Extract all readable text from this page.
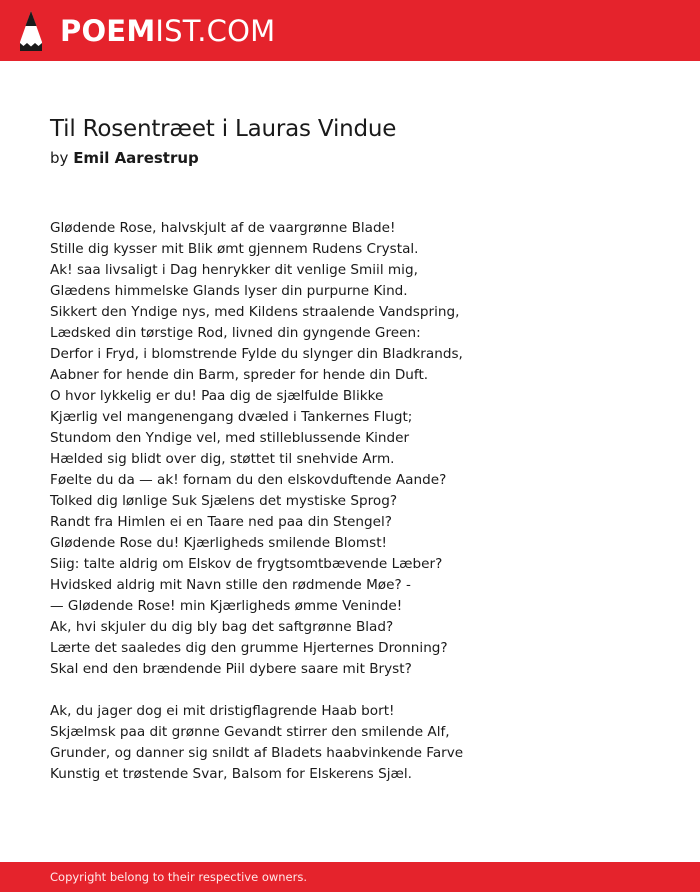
POEMIST.COM
Til Rosentræet i Lauras Vindue
by Emil Aarestrup
Glødende Rose, halvskjult af de vaargrønne Blade!
Stille dig kysser mit Blik ømt gjennem Rudens Crystal.
Ak! saa livsaligt i Dag henrykker dit venlige Smiil mig,
Glædens himmelske Glands lyser din purpurne Kind.
Sikkert den Yndige nys, med Kildens straalende Vandspring,
Lædsked din tørstige Rod, livned din gyngende Green:
Derfor i Fryd, i blomstrende Fylde du slynger din Bladkrands,
Aabner for hende din Barm, spreder for hende din Duft.
O hvor lykkelig er du! Paa dig de sjælfulde Blikke
Kjærlig vel mangenengang dvæled i Tankernes Flugt;
Stundom den Yndige vel, med stilleblussende Kinder
Hælded sig blidt over dig, støttet til snehvide Arm.
Føelte du da — ak! fornam du den elskovduftende Aande?
Tolked dig lønlige Suk Sjælens det mystiske Sprog?
Randt fra Himlen ei en Taare ned paa din Stengel?
Glødende Rose du! Kjærligheds smilende Blomst!
Siig: talte aldrig om Elskov de frygtsomtbævende Læber?
Hvidsked aldrig mit Navn stille den rødmende Møe? -
— Glødende Rose! min Kjærligheds ømme Veninde!
Ak, hvi skjuler du dig bly bag det saftgrønne Blad?
Lærte det saaledes dig den grumme Hjerternes Dronning?
Skal end den brændende Piil dybere saare mit Bryst?
Ak, du jager dog ei mit dristigflagrende Haab bort!
Skjælmsk paa dit grønne Gevandt stirrer den smilende Alf,
Grunder, og danner sig snildt af Bladets haabvinkende Farve
Kunstig et trøstende Svar, Balsom for Elskerens Sjæl.
Copyright belong to their respective owners.
